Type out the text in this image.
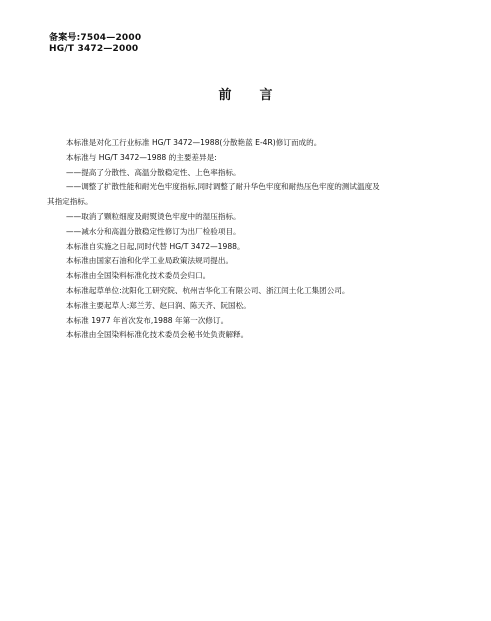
备案号:7504—2000
HG/T 3472—2000
前言
本标准是对化工行业标准 HG/T 3472—1988(分散艳蓝 E-4R)修订而成的。
本标准与 HG/T 3472—1988 的主要差异是:
——提高了分散性、高温分散稳定性、上色率指标。
——调整了扩散性能和耐光色牢度指标,同时调整了耐升华色牢度和耐热压色牢度的测试温度及
其指定指标。
——取消了颗粒细度及耐熨烫色牢度中的湿压指标。
——减水分和高温分散稳定性修订为出厂检验项目。
本标准自实施之日起,同时代替 HG/T 3472—1988。
本标准由国家石油和化学工业局政策法规司提出。
本标准由全国染料标准化技术委员会归口。
本标准起草单位:沈阳化工研究院、杭州吉华化工有限公司、浙江闰土化工集团公司。
本标准主要起草人:郑兰芳、赵曰润、陈天齐、阮国松。
本标准 1977 年首次发布,1988 年第一次修订。
本标准由全国染料标准化技术委员会秘书处负责解释。
